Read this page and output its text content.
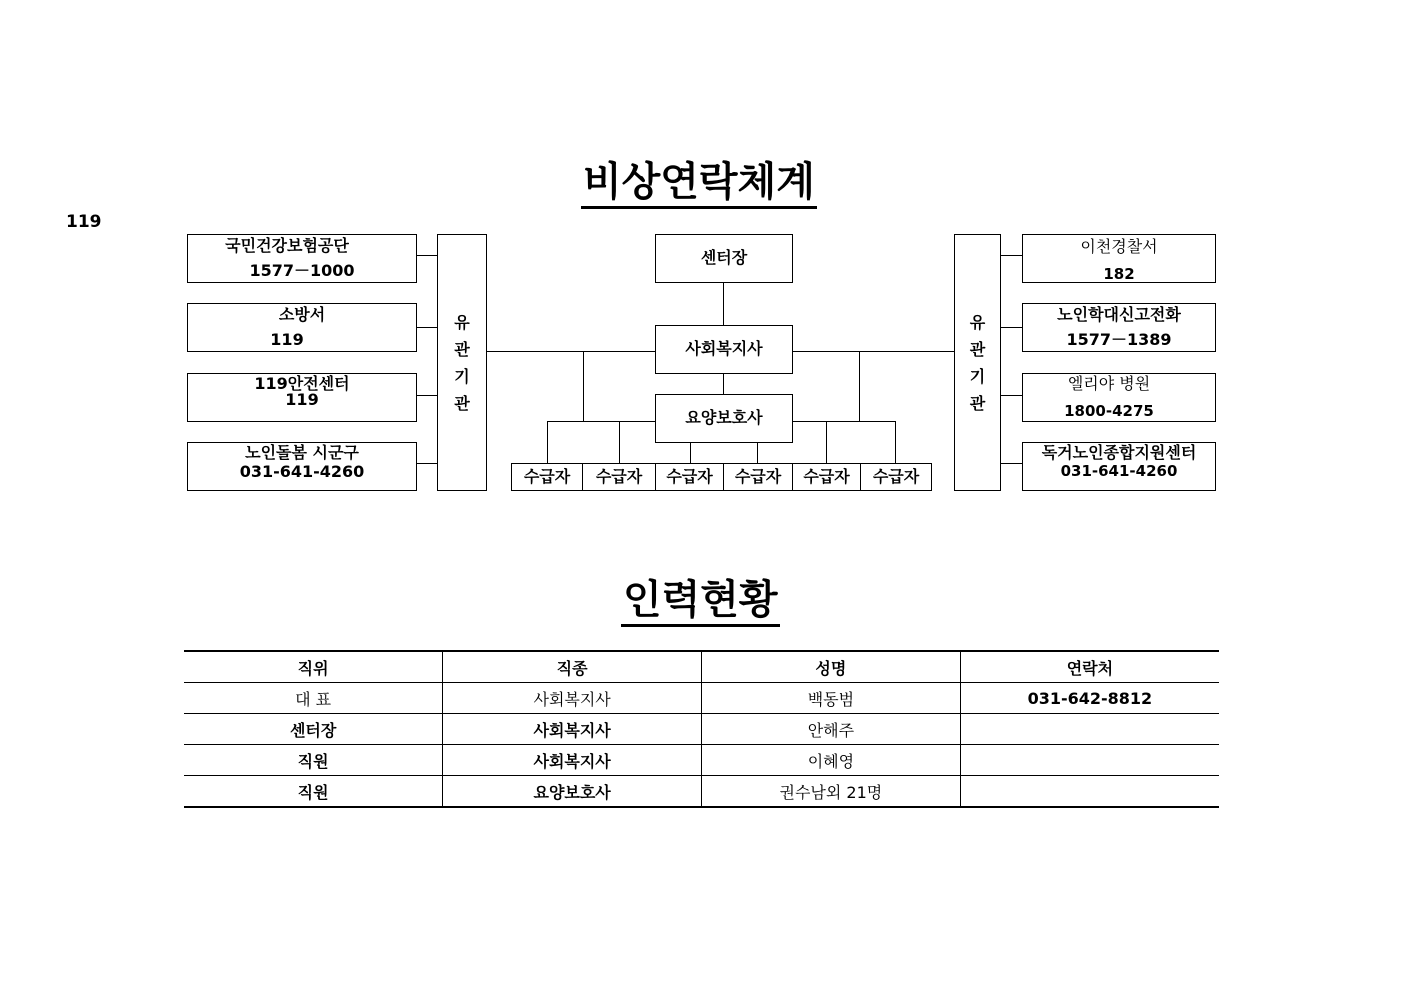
119
비상연락체계
국민건강보험공단
1577－1000
소방서
119
119안전센터
119
노인돌봄 시군구
031-641-4260
유
관
기
관
이천경찰서
182
노인학대신고전화
1577－1389
엘리야 병원
1800-4275
독거노인종합지원센터
031-641-4260
유
관
기
관
센터장
사회복지사
요양보호사
수급자	수급자	수급자	수급자	수급자	수급자
인력현황
직위	직종	성명	연락처
대 표	사회복지사	백동범	031-642-8812
센터장	사회복지사	안해주	
직원	사회복지사	이혜영	
직원	요양보호사	권수남외 21명	
